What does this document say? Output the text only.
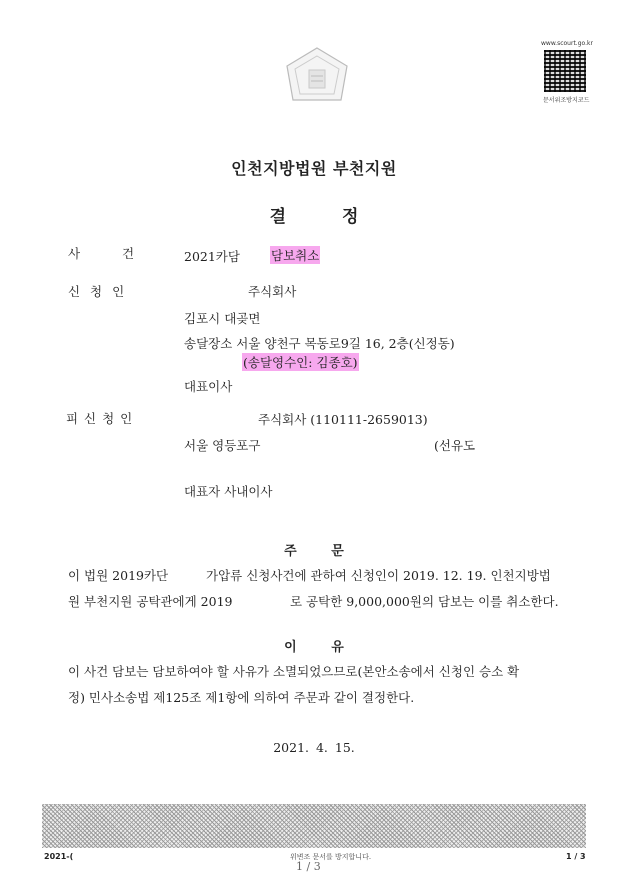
www.scourt.go.kr
문서위조방지코드
인천지방법원 부천지원
결 정
사 건	2021카담 담보취소
신 청 인	주식회사
김포시 대곶면
송달장소 서울 양천구 목동로9길 16, 2층(신정동)
(송달영수인: 김종호)
대표이사
피 신 청 인	주식회사 (110111-2659013)
서울 영등포구	(선유도
대표자 사내이사
주 문
이 법원 2019카단	가압류 신청사건에 관하여 신청인이 2019. 12. 19. 인천지방법
원 부천지원 공탁관에게 2019	로 공탁한 9,000,000원의 담보는 이를 취소한다.
이 유
이 사건 담보는 담보하여야 할 사유가 소멸되었으므로(본안소송에서 신청인 승소 확
정) 민사소송법 제125조 제1항에 의하여 주문과 같이 결정한다.
2021. 4. 15.
2021-(	위변조 문서를 방지합니다.
1 / 3
1 / 3
